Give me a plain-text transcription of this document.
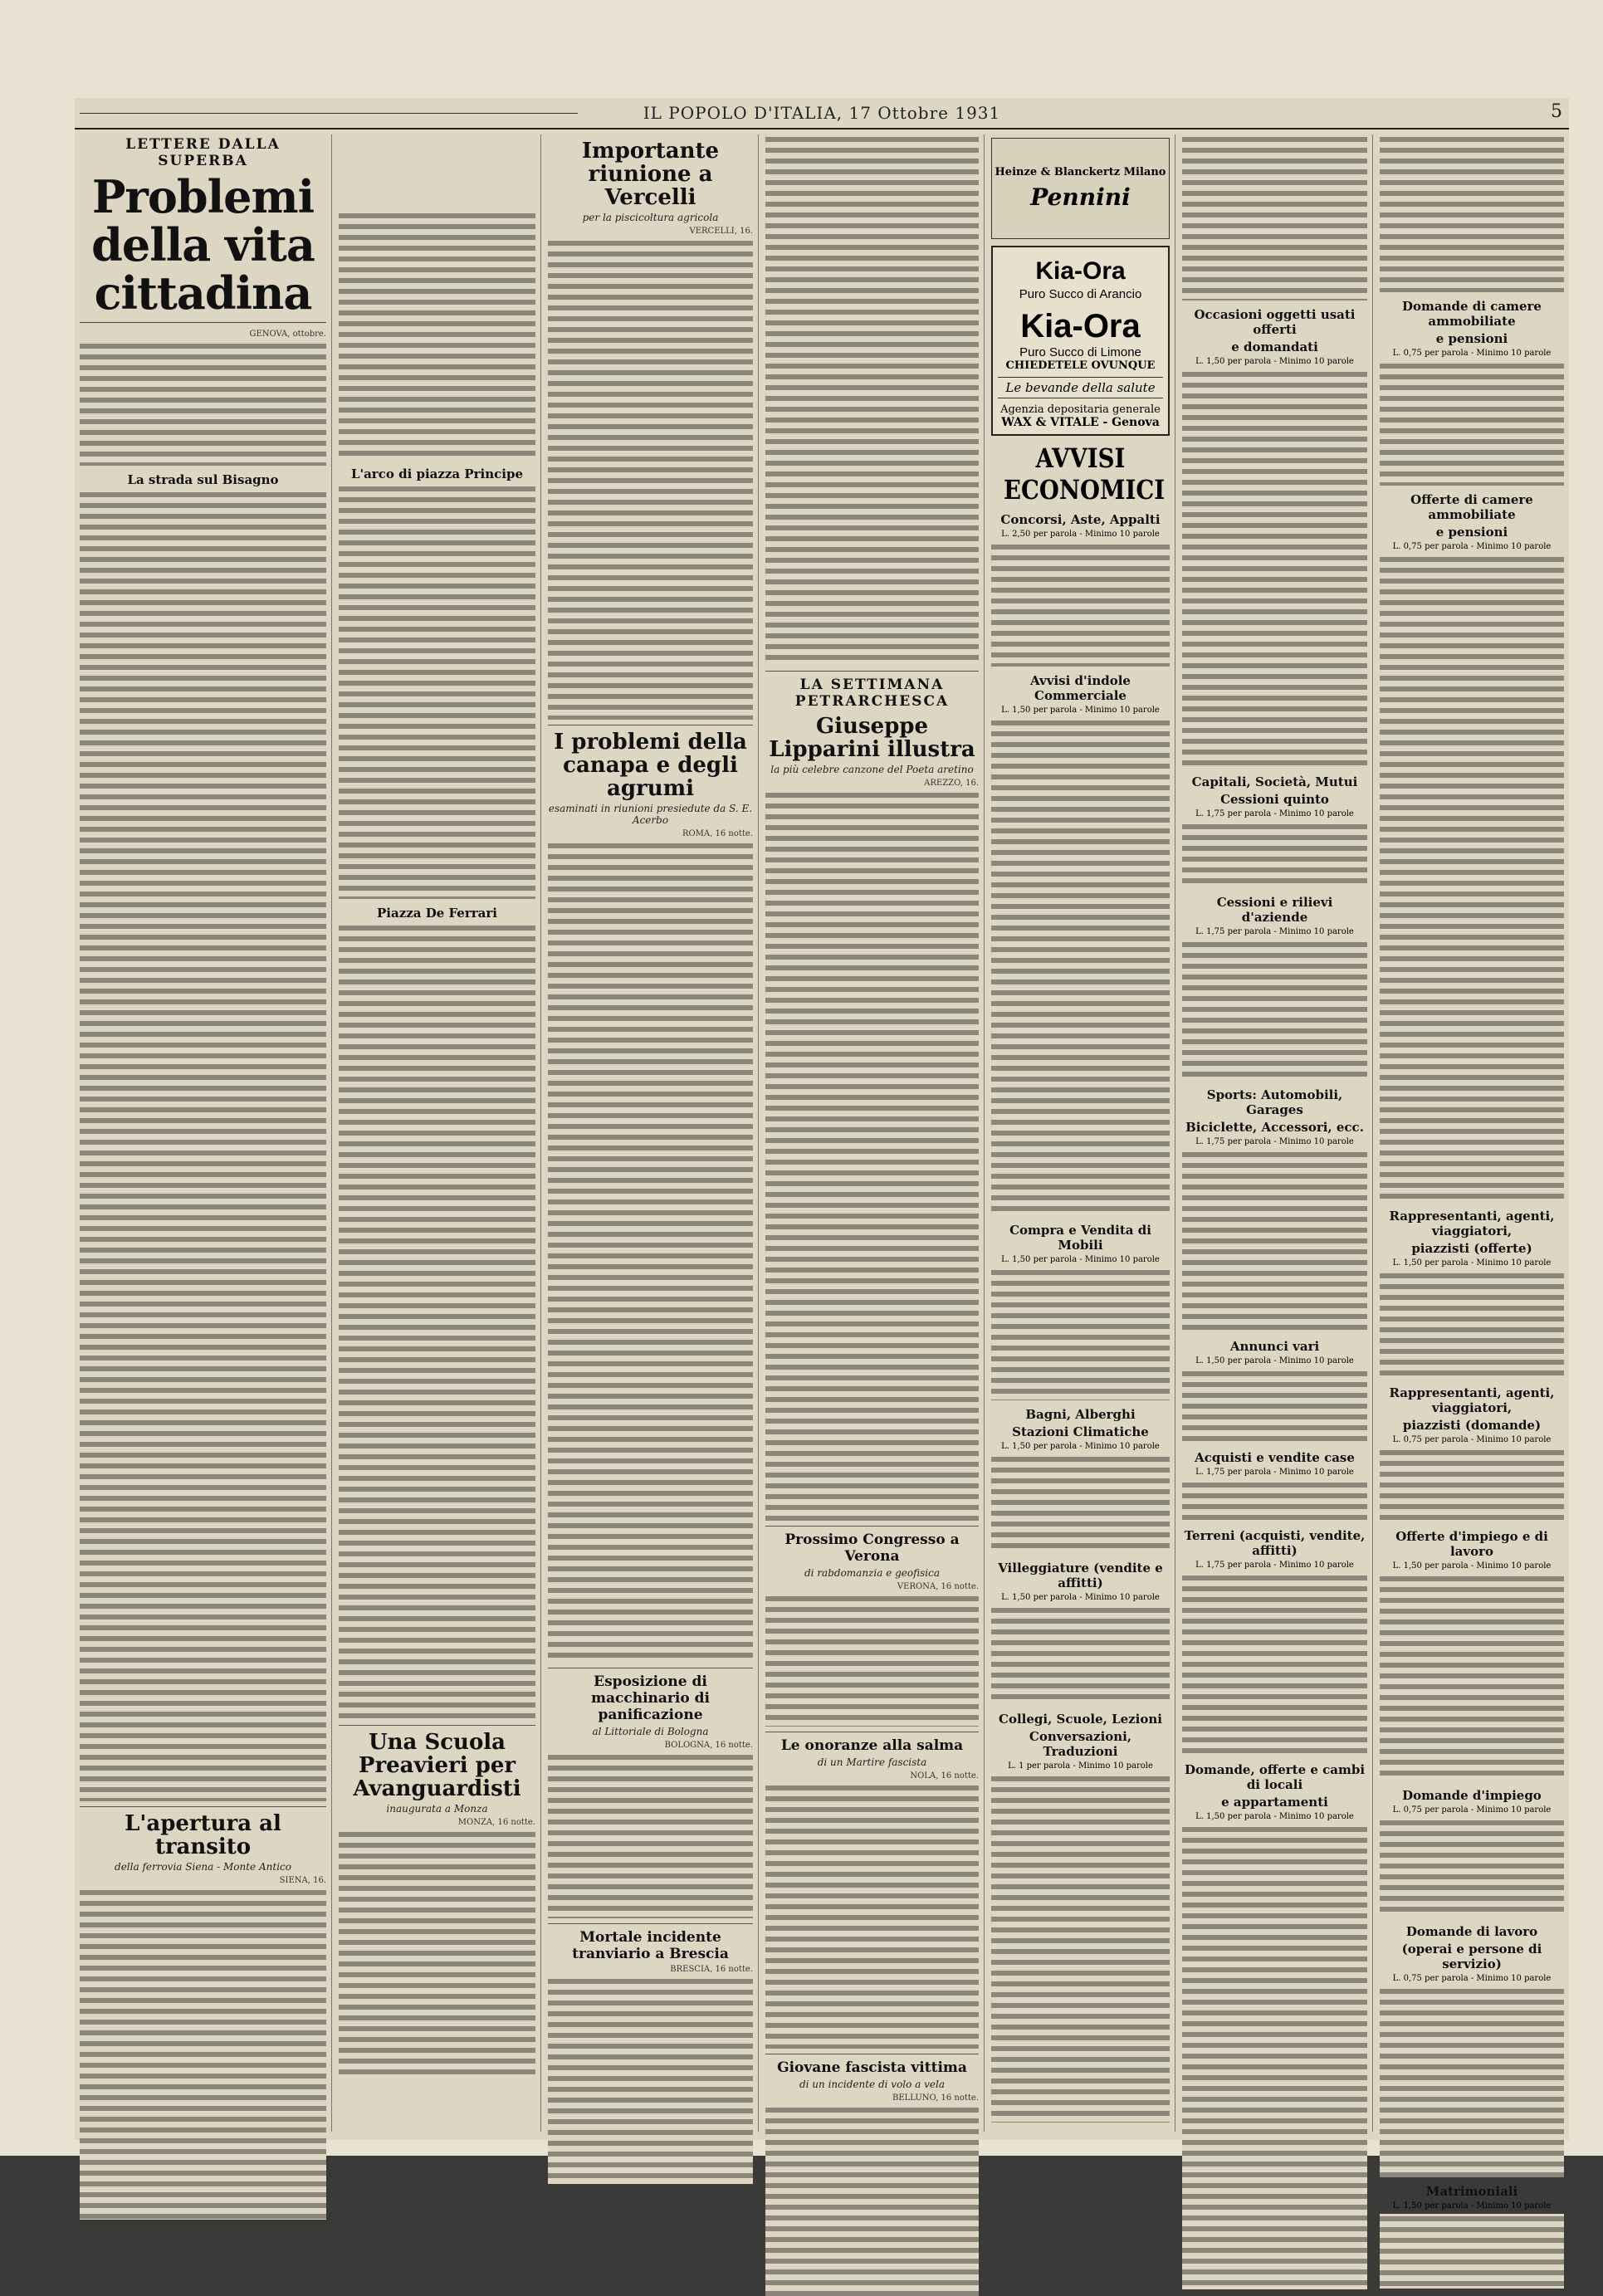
IL POPOLO D'ITALIA, 17 Ottobre 1931	5
LETTERE DALLA SUPERBA
Problemi della vita cittadina
GENOVA, ottobre.
La strada sul Bisagno
L'apertura al transito
della ferrovia Siena - Monte Antico
SIENA, 16.
L'arco di piazza Principe
Piazza De Ferrari
Una Scuola Preavieri per Avanguardisti
inaugurata a Monza
MONZA, 16 notte.
Importante riunione a Vercelli
per la piscicoltura agricola
VERCELLI, 16.
I problemi della canapa e degli agrumi
esaminati in riunioni presiedute da S. E. Acerbo
ROMA, 16 notte.
Esposizione di macchinario di panificazione
al Littoriale di Bologna
BOLOGNA, 16 notte.
Mortale incidente tranviario a Brescia
BRESCIA, 16 notte.
LA SETTIMANA PETRARCHESCA
Giuseppe Lipparini illustra
la più celebre canzone del Poeta aretino
AREZZO, 16.
Prossimo Congresso a Verona
di rabdomanzia e geofisica
VERONA, 16 notte.
Le onoranze alla salma
di un Martire fascista
NOLA, 16 notte.
Giovane fascista vittima
di un incidente di volo a vela
BELLUNO, 16 notte.
Heinze & Blanckertz Milano
Pennini
Kia-Ora
Puro Succo di Arancio
Kia-Ora
Puro Succo di Limone
CHIEDETELE OVUNQUE
Le bevande della salute
Agenzia depositaria generale
WAX & VITALE - Genova
AVVISI ECONOMICI
Concorsi, Aste, Appalti
L. 2,50 per parola - Minimo 10 parole
Avvisi d'indole Commerciale
L. 1,50 per parola - Minimo 10 parole
Compra e Vendita di Mobili
L. 1,50 per parola - Minimo 10 parole
Bagni, Alberghi
Stazioni Climatiche
L. 1,50 per parola - Minimo 10 parole
Villeggiature (vendite e affitti)
L. 1,50 per parola - Minimo 10 parole
Collegi, Scuole, Lezioni
Conversazioni, Traduzioni
L. 1 per parola - Minimo 10 parole
Occasioni oggetti usati offerti
e domandati
L. 1,50 per parola - Minimo 10 parole
Capitali, Società, Mutui
Cessioni quinto
L. 1,75 per parola - Minimo 10 parole
Cessioni e rilievi d'aziende
L. 1,75 per parola - Minimo 10 parole
Sports: Automobili, Garages
Biciclette, Accessori, ecc.
L. 1,75 per parola - Minimo 10 parole
Annunci vari
L. 1,50 per parola - Minimo 10 parole
Acquisti e vendite case
L. 1,75 per parola - Minimo 10 parole
Terreni (acquisti, vendite, affitti)
L. 1,75 per parola - Minimo 10 parole
Domande, offerte e cambi di locali
e appartamenti
L. 1,50 per parola - Minimo 10 parole
Domande di camere ammobiliate
e pensioni
L. 0,75 per parola - Minimo 10 parole
Offerte di camere ammobiliate
e pensioni
L. 0,75 per parola - Minimo 10 parole
Rappresentanti, agenti, viaggiatori,
piazzisti (offerte)
L. 1,50 per parola - Minimo 10 parole
Rappresentanti, agenti, viaggiatori,
piazzisti (domande)
L. 0,75 per parola - Minimo 10 parole
Offerte d'impiego e di lavoro
L. 1,50 per parola - Minimo 10 parole
Domande d'impiego
L. 0,75 per parola - Minimo 10 parole
Domande di lavoro
(operai e persone di servizio)
L. 0,75 per parola - Minimo 10 parole
Matrimoniali
L. 1,50 per parola - Minimo 10 parole
